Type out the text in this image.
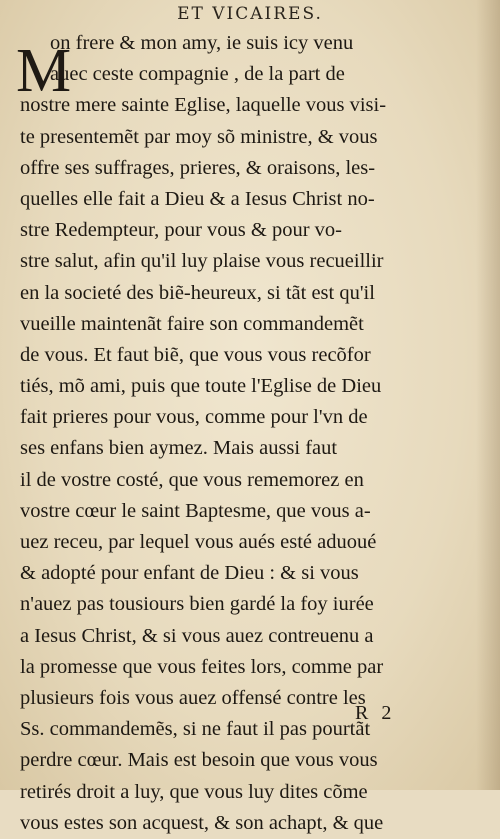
ET VICAIRES.
M
on frere & mon amy, ie suis icy venu
auec ceste compagnie , de la part de
nostre mere sainte Eglise, laquelle vous visi-
te presentemẽt par moy sõ ministre, & vous
offre ses suffrages, prieres, & oraisons, les-
quelles elle fait a Dieu & a Iesus Christ no-
stre Redempteur, pour vous & pour vo-
stre salut, afin qu'il luy plaise vous recueillir
en la societé des biẽ-heureux, si tãt est qu'il
vueille maintenãt faire son commandemẽt
de vous. Et faut biẽ, que vous vous recõfor
tiés, mõ ami, puis que toute l'Eglise de Dieu
fait prieres pour vous, comme pour l'vn de
ses enfans bien aymez. Mais aussi faut
il de vostre costé, que vous rememorez en
vostre cœur le saint Baptesme, que vous a-
uez receu, par lequel vous aués esté aduoué
& adopté pour enfant de Dieu : & si vous
n'auez pas tousiours bien gardé la foy iurée
a Iesus Christ, & si vous auez contreuenu a
la promesse que vous feites lors, comme par
plusieurs fois vous auez offensé contre les
Ss. commandemẽs, si ne faut il pas pourtãt
perdre cœur. Mais est besoin que vous vous
retirés droit a luy, que vous luy dites cõme
vous estes son acquest, & son achapt, & que
R 2
